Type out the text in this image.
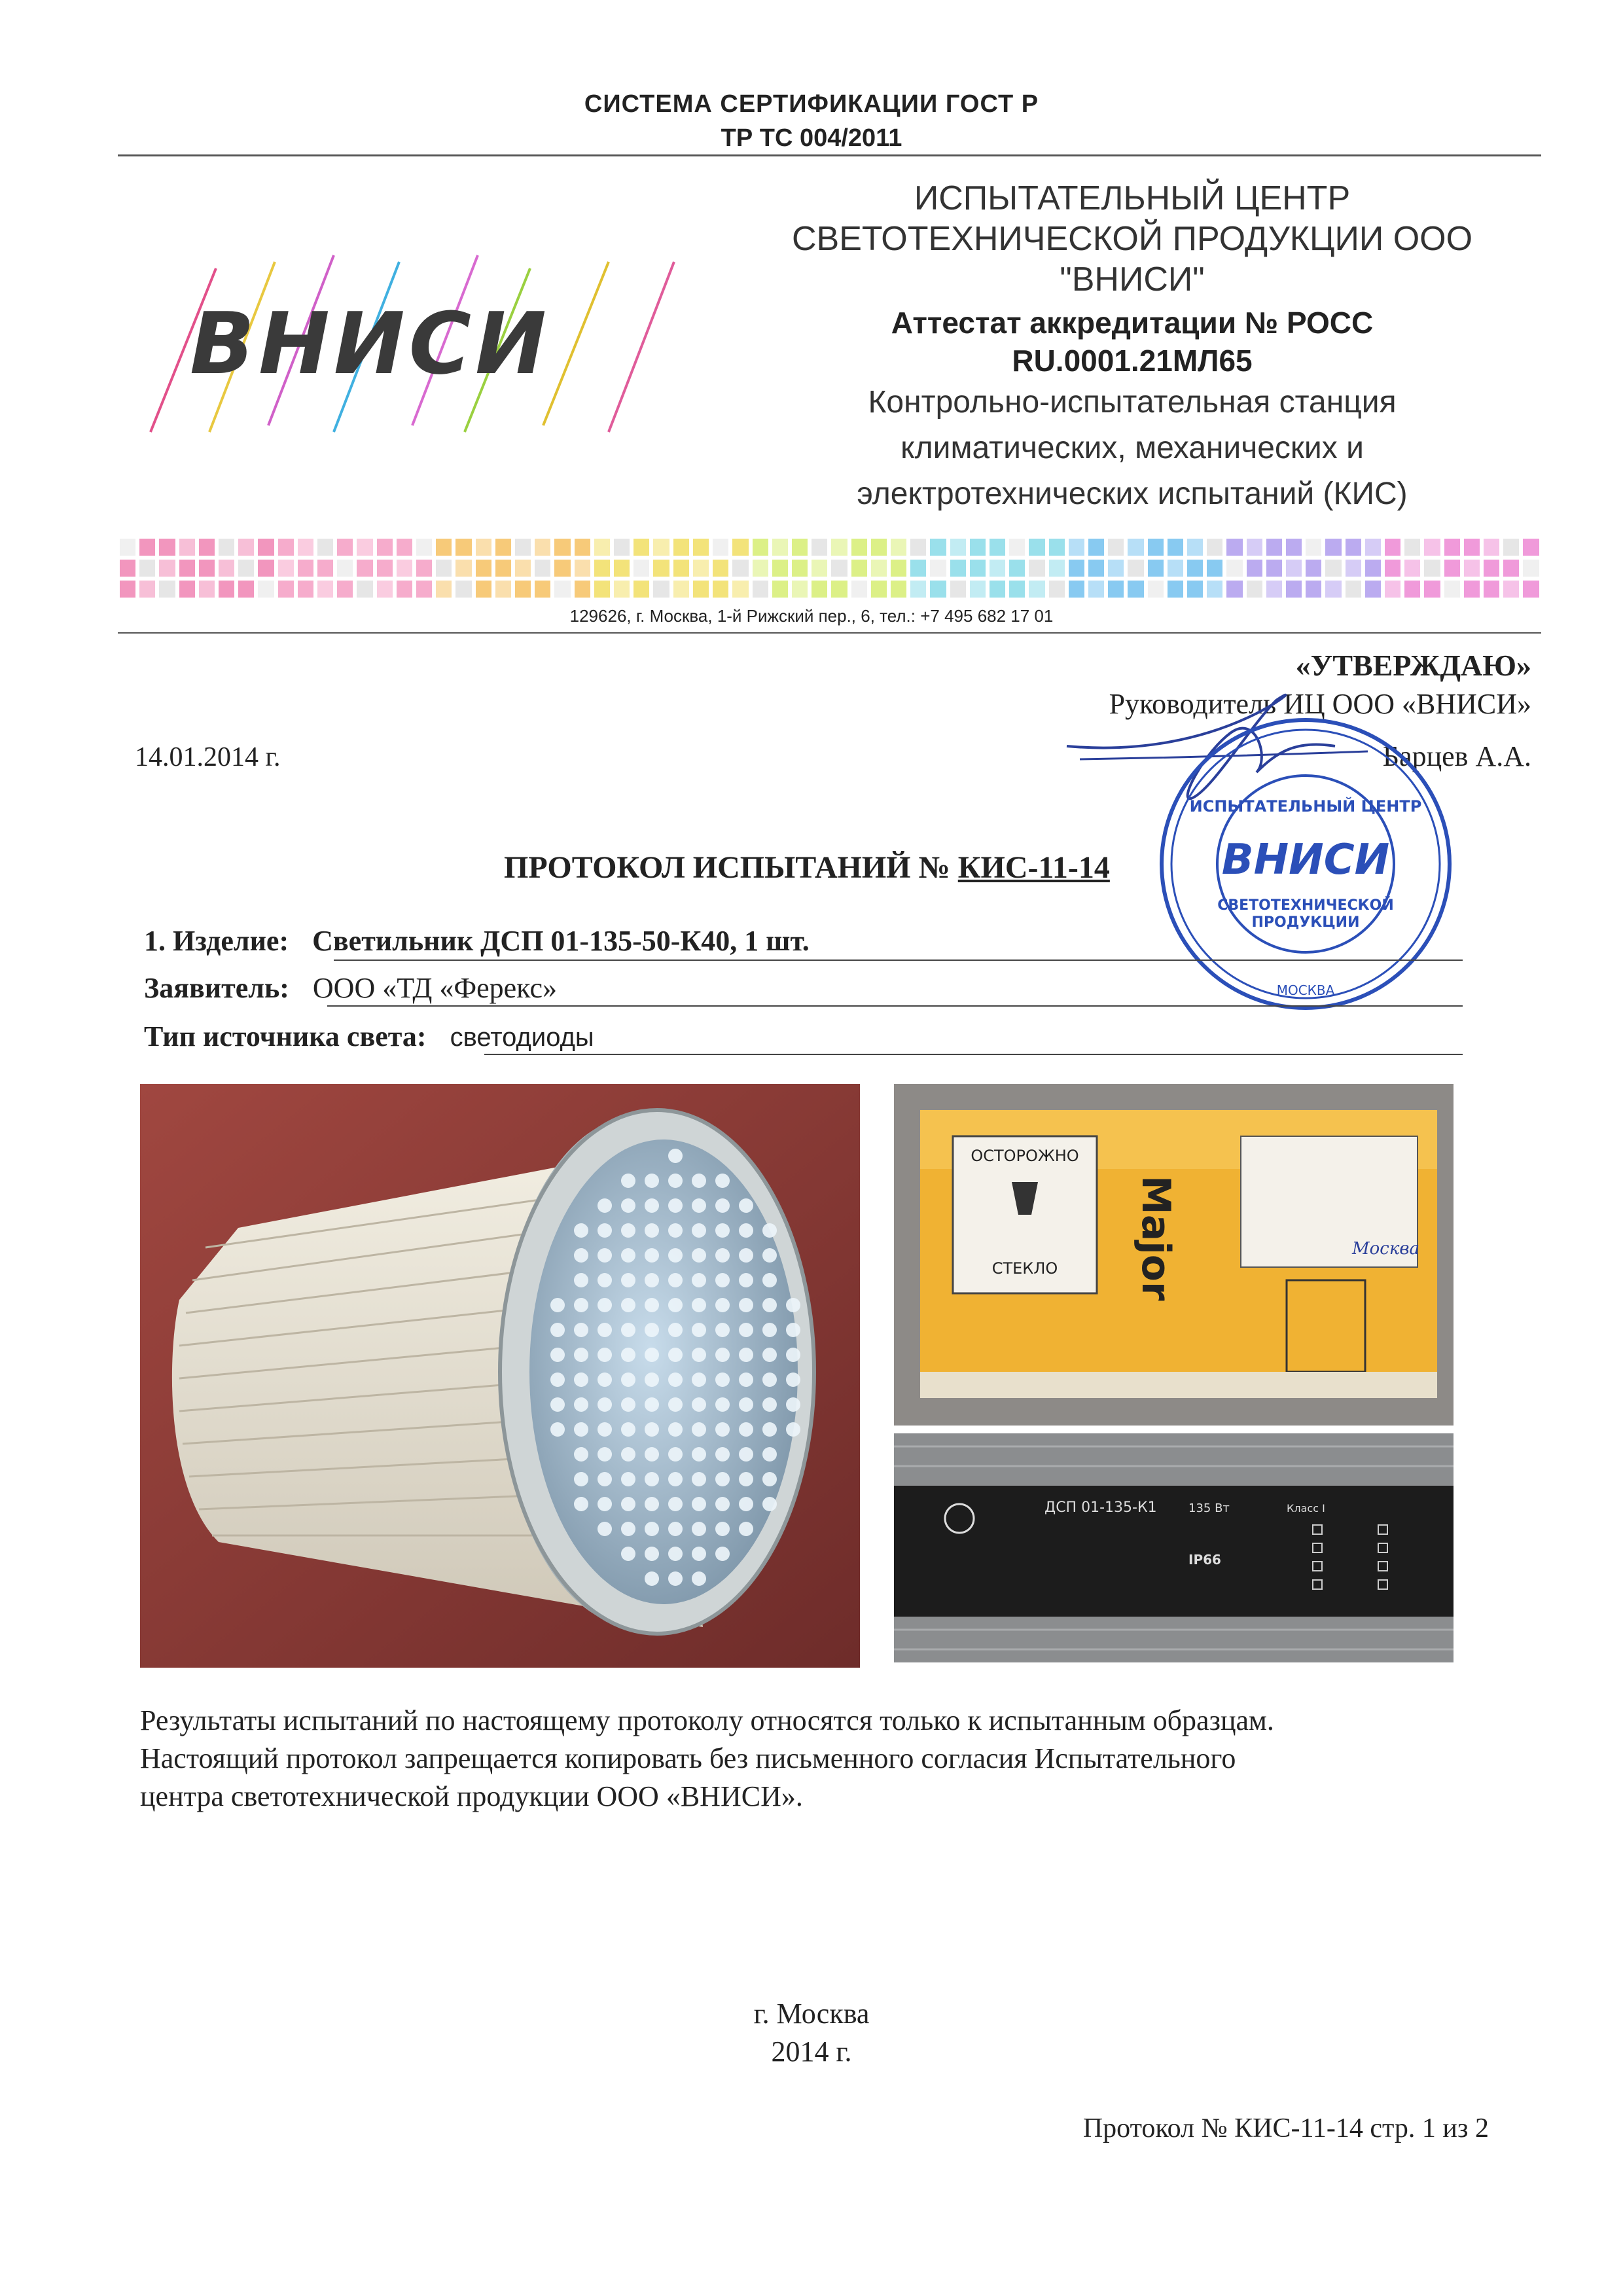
СИСТЕМА СЕРТИФИКАЦИИ ГОСТ Р
ТР ТС 004/2011
ВНИСИ
ИСПЫТАТЕЛЬНЫЙ ЦЕНТР
СВЕТОТЕХНИЧЕСКОЙ ПРОДУКЦИИ ООО
"ВНИСИ"
Аттестат аккредитации № РОСС
RU.0001.21МЛ65
Контрольно-испытательная станция
климатических, механических и
электротехнических испытаний (КИС)
129626, г. Москва, 1-й Рижский пер., 6, тел.: +7 495 682 17 01
«УТВЕРЖДАЮ»
Руководитель ИЦ ООО «ВНИСИ»
Барцев А.А.
14.01.2014 г.
ИСПЫТАТЕЛЬНЫЙ ЦЕНТР
ВНИСИ
СВЕТОТЕХНИЧЕСКОЙ
ПРОДУКЦИИ
МОСКВА
ПРОТОКОЛ ИСПЫТАНИЙ № КИС-11-14
1. Изделие: Светильник ДСП 01-135-50-К40, 1 шт.
Заявитель: ООО «ТД «Ферекс»
Тип источника света: светодиоды
ОСТОРОЖНО
СТЕКЛО Major	Москва
ДСП 01-135-К1	135 Вт
IP66
Класс I
Результаты испытаний по настоящему протоколу относятся только к испытанным образцам.
Настоящий протокол запрещается копировать без письменного согласия Испытательного
центра светотехнической продукции ООО «ВНИСИ».
г. Москва
2014 г.
Протокол № КИС-11-14 стр. 1 из 2
